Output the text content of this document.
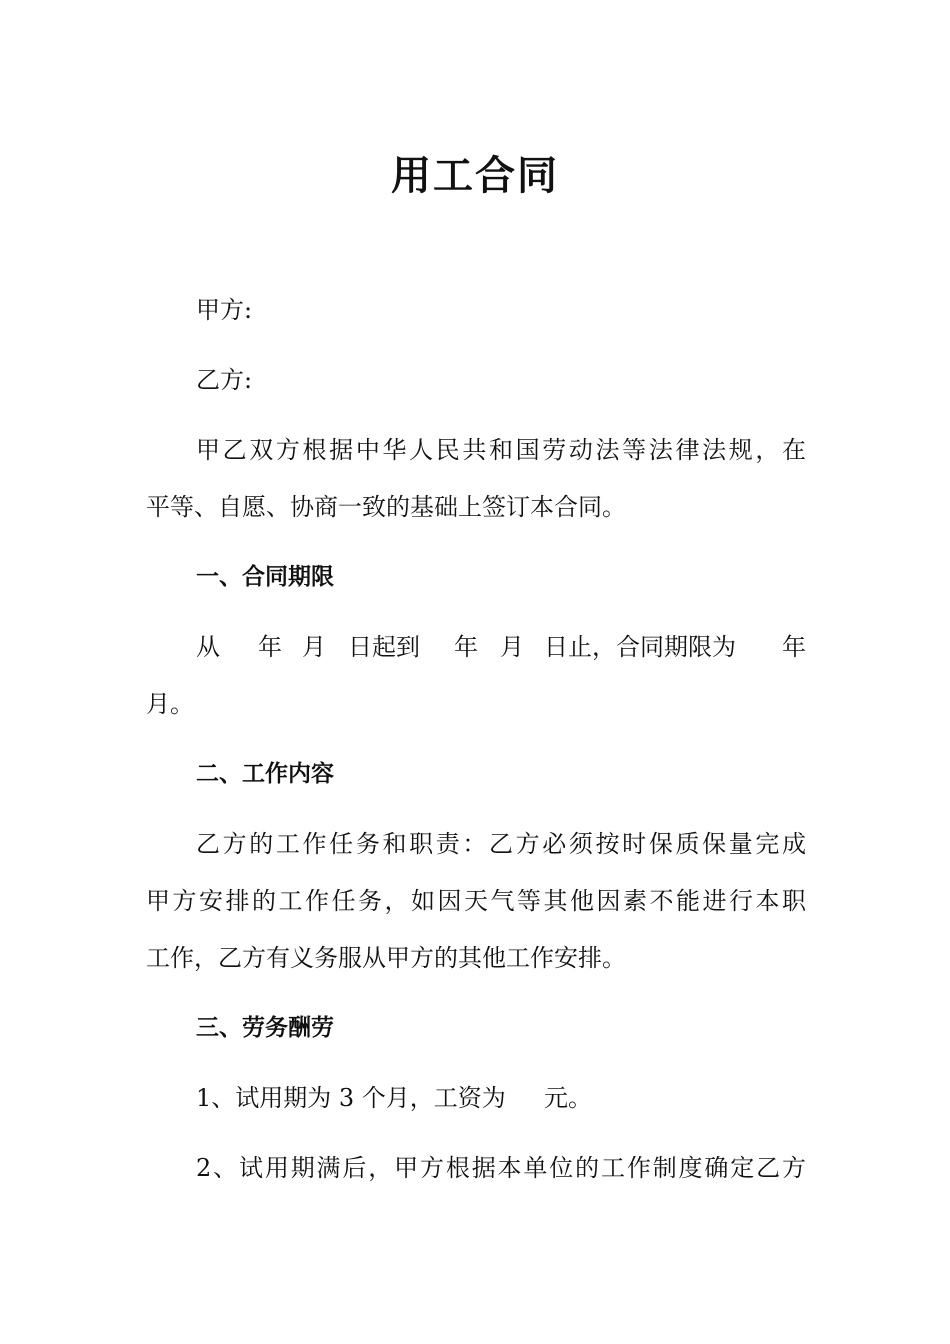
用工合同
甲方:
乙方:
甲乙双方根据中华人民共和国劳动法等法律法规，在
平等、自愿、协商一致的基础上签订本合同。
一、合同期限
从 年 月 日起到 年 月 日止，合同期限为 年
月。
二、工作内容
乙方的工作任务和职责：乙方必须按时保质保量完成
甲方安排的工作任务，如因天气等其他因素不能进行本职
工作，乙方有义务服从甲方的其他工作安排。
三、劳务酬劳
1、试用期为 3 个月，工资为     元。
2、试用期满后，甲方根据本单位的工作制度确定乙方
